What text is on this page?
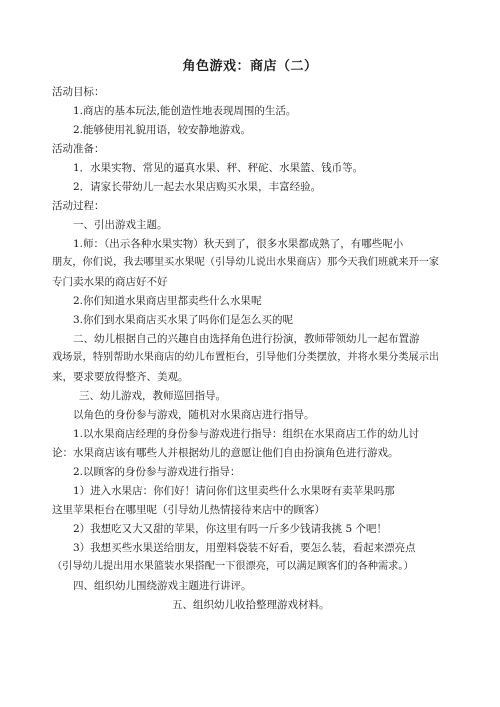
角色游戏：商店（二）
活动目标：
1.商店的基本玩法,能创造性地表现周围的生活。
2.能够使用礼貌用语，较安静地游戏。
活动准备：
1．水果实物、常见的逼真水果、秤、秤砣、水果篮、钱币等。
2．请家长带幼儿一起去水果店购买水果，丰富经验。
活动过程：
一、引出游戏主题。
1.师：（出示各种水果实物）秋天到了，很多水果都成熟了，有哪些呢小
朋友，你们说，我去哪里买水果呢（引导幼儿说出水果商店）那今天我们班就来开一家
专门卖水果的商店好不好
2.你们知道水果商店里都卖些什么水果呢
3.你们到水果商店买水果了吗你们是怎么买的呢
二、幼儿根据自己的兴趣自由选择角色进行扮演，教师带领幼儿一起布置游
戏场景，特别帮助水果商店的幼儿布置柜台，引导他们分类摆放，并将水果分类展示出
来，要求要放得整齐、美观。
三、幼儿游戏，教师巡回指导。
以角色的身份参与游戏，随机对水果商店进行指导。
1.以水果商店经理的身份参与游戏进行指导：组织在水果商店工作的幼儿讨
论：水果商店该有哪些人并根据幼儿的意愿让他们自由扮演角色进行游戏。
2.以顾客的身份参与游戏进行指导：
1）进入水果店：你们好！请问你们这里卖些什么水果呀有卖苹果吗那
这里苹果柜台在哪里呢（引导幼儿热情接待来店中的顾客）
2）我想吃又大又甜的苹果，你这里有吗一斤多少钱请我挑 5 个吧！
3）我想买些水果送给朋友，用塑料袋装不好看，要怎么装，看起来漂亮点
（引导幼儿提出用水果篮装水果搭配一下很漂亮，可以满足顾客们的各种需求。）
四、组织幼儿围绕游戏主题进行讲评。
五、组织幼儿收拾整理游戏材料。
